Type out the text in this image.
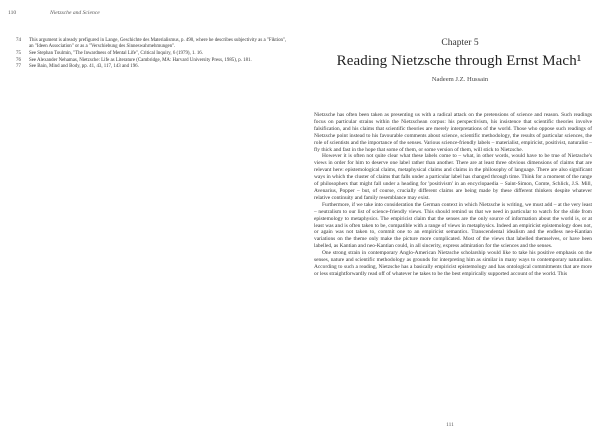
110	Nietzsche and Science
74	This argument is already prefigured in Lange, Geschichte des Materialismus, p. 490, where he describes subjectivity as a "Fiktion", an "Ideen Association" or as a "Verschiebung des Sinneswahrnehmungen".
75	See Stephan Toulmin, "The Inwardness of Mental Life", Critical Inquiry, 6 (1979), 1. 16.
76	See Alexander Nehamas, Nietzsche: Life as Literature (Cambridge, MA: Harvard University Press, 1985), p. 181.
77	See Bain, Mind and Body, pp. 41, 43, 117, 143 and 196.
Chapter 5
Reading Nietzsche through Ernst Mach¹
Nadeem J.Z. Hussain

Nietzsche has often been taken as presenting us with a radical attack on the pretensions of science and reason. Such readings focus on particular strains within the Nietzschean corpus: his perspectivism, his insistence that scientific theories involve falsification, and his claims that scientific theories are merely interpretations of the world. Those who oppose such readings of Nietzsche point instead to his favourable comments about science, scientific methodology, the results of particular sciences, the role of scientists and the importance of the senses. Various science-friendly labels – materialist, empiricist, positivist, naturalist – fly thick and fast in the hope that some of them, or some version of them, will stick to Nietzsche.

However it is often not quite clear what these labels come to – what, in other words, would have to be true of Nietzsche's views in order for him to deserve one label rather than another. There are at least three obvious dimensions of claims that are relevant here: epistemological claims, metaphysical claims and claims in the philosophy of language. There are also significant ways in which the cluster of claims that falls under a particular label has changed through time. Think for a moment of the range of philosophers that might fall under a heading for 'positivism' in an encyclopaedia – Saint-Simon, Comte, Schlick, J.S. Mill, Avenarius, Popper – but, of course, crucially different claims are being made by these different thinkers despite whatever relative continuity and family resemblance may exist.

Furthermore, if we take into consideration the German context in which Nietzsche is writing, we must add – at the very least – neutralism to our list of science-friendly views. This should remind us that we need in particular to watch for the slide from epistemology to metaphysics. The empiricist claim that the senses are the only source of information about the world is, or at least was and is often taken to be, compatible with a range of views in metaphysics. Indeed an empiricist epistemology does not, or again was not taken to, commit one to an empiricist semantics. Transcendental idealism and the endless neo-Kantian variations on the theme only make the picture more complicated. Most of the views that labelled themselves, or have been labelled, as Kantian and neo-Kantian could, in all sincerity, express admiration for the sciences and the senses.

One strong strain in contemporary Anglo-American Nietzsche scholarship would like to take his positive emphasis on the senses, nature and scientific methodology as grounds for interpreting him as similar in many ways to contemporary naturalists. According to such a reading, Nietzsche has a basically empiricist epistemology and has ontological commitments that are more or less straightforwardly read off of whatever he takes to be the best empirically supported account of the world. This

111
